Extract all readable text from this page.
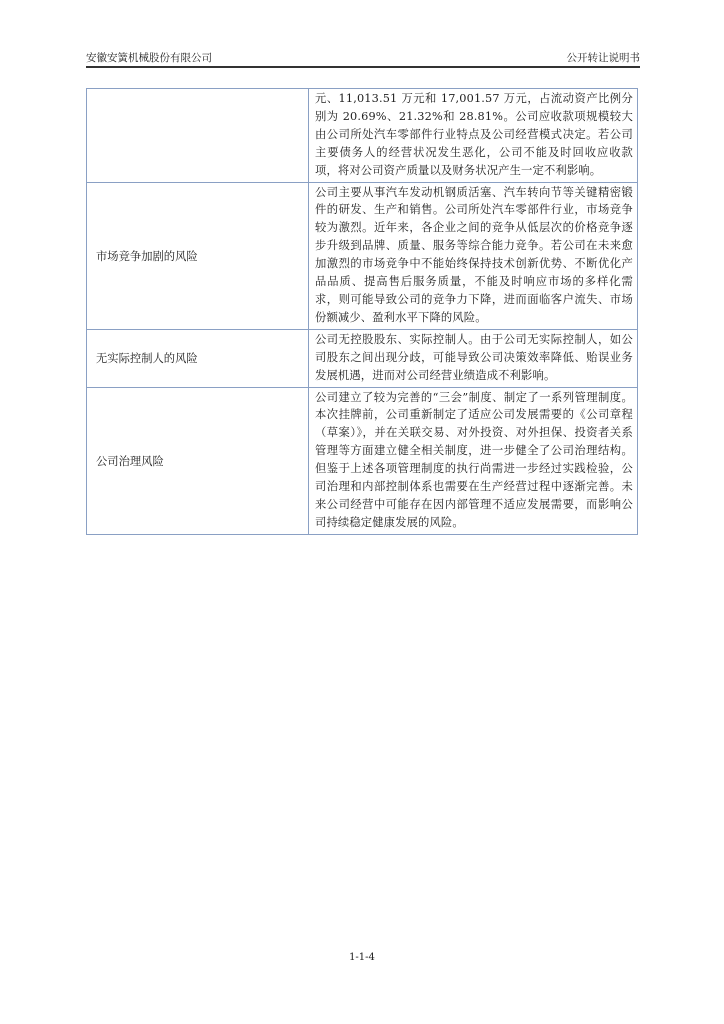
安徽安簧机械股份有限公司	公开转让说明书
	元、11,013.51 万元和 17,001.57 万元，占流动资产比例分别为 20.69%、21.32%和 28.81%。公司应收款项规模较大由公司所处汽车零部件行业特点及公司经营模式决定。若公司主要债务人的经营状况发生恶化，公司不能及时回收应收款项，将对公司资产质量以及财务状况产生一定不利影响。
市场竞争加剧的风险	公司主要从事汽车发动机钢质活塞、汽车转向节等关键精密锻件的研发、生产和销售。公司所处汽车零部件行业，市场竞争较为激烈。近年来，各企业之间的竞争从低层次的价格竞争逐步升级到品牌、质量、服务等综合能力竞争。若公司在未来愈加激烈的市场竞争中不能始终保持技术创新优势、不断优化产品品质、提高售后服务质量，不能及时响应市场的多样化需求，则可能导致公司的竞争力下降，进而面临客户流失、市场份额减少、盈利水平下降的风险。
无实际控制人的风险	公司无控股股东、实际控制人。由于公司无实际控制人，如公司股东之间出现分歧，可能导致公司决策效率降低、贻误业务发展机遇，进而对公司经营业绩造成不利影响。
公司治理风险	公司建立了较为完善的“三会”制度、制定了一系列管理制度。本次挂牌前，公司重新制定了适应公司发展需要的《公司章程（草案）》，并在关联交易、对外投资、对外担保、投资者关系管理等方面建立健全相关制度，进一步健全了公司治理结构。但鉴于上述各项管理制度的执行尚需进一步经过实践检验，公司治理和内部控制体系也需要在生产经营过程中逐渐完善。未来公司经营中可能存在因内部管理不适应发展需要，而影响公司持续稳定健康发展的风险。
1-1-4
